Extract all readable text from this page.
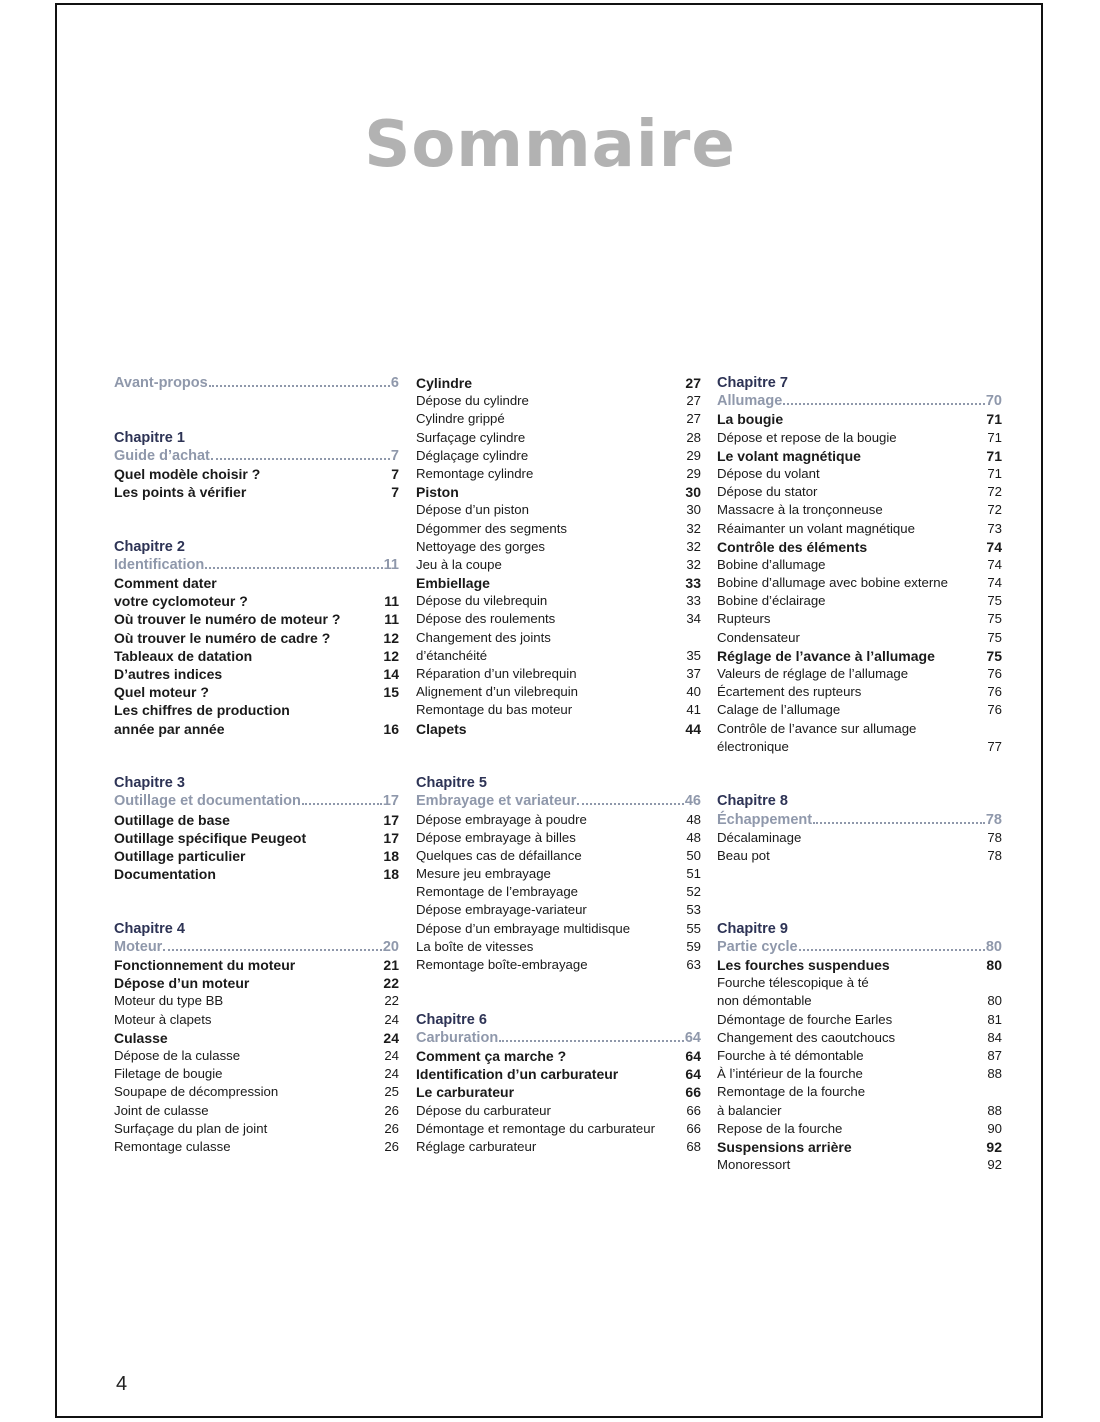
Sommaire
Avant-propos	6
Chapitre 1
Guide d’achat	7
Quel modèle choisir ?	7
Les points à vérifier	7
Chapitre 2
Identification	11
Comment dater
votre cyclomoteur ?	11
Où trouver le numéro de moteur ?	11
Où trouver le numéro de cadre ?	12
Tableaux de datation	12
D’autres indices	14
Quel moteur ?	15
Les chiffres de production
année par année	16
Chapitre 3
Outillage et documentation	17
Outillage de base	17
Outillage spécifique Peugeot	17
Outillage particulier	18
Documentation	18
Chapitre 4
Moteur	20
Fonctionnement du moteur	21
Dépose d’un moteur	22
Moteur du type BB	22
Moteur à clapets	24
Culasse	24
Dépose de la culasse	24
Filetage de bougie	24
Soupape de décompression	25
Joint de culasse	26
Surfaçage du plan de joint	26
Remontage culasse	26
Cylindre	27
Dépose du cylindre	27
Cylindre grippé	27
Surfaçage cylindre	28
Déglaçage cylindre	29
Remontage cylindre	29
Piston	30
Dépose d’un piston	30
Dégommer des segments	32
Nettoyage des gorges	32
Jeu à la coupe	32
Embiellage	33
Dépose du vilebrequin	33
Dépose des roulements	34
Changement des joints
d’étanchéité	35
Réparation d’un vilebrequin	37
Alignement d’un vilebrequin	40
Remontage du bas moteur	41
Clapets	44
Chapitre 5
Embrayage et variateur	46
Dépose embrayage à poudre	48
Dépose embrayage à billes	48
Quelques cas de défaillance	50
Mesure jeu embrayage	51
Remontage de l’embrayage	52
Dépose embrayage-variateur	53
Dépose d’un embrayage multidisque	55
La boîte de vitesses	59
Remontage boîte-embrayage	63
Chapitre 6
Carburation	64
Comment ça marche ?	64
Identification d’un carburateur	64
Le carburateur	66
Dépose du carburateur	66
Démontage et remontage du carburateur	66
Réglage carburateur	68
Chapitre 7
Allumage	70
La bougie	71
Dépose et repose de la bougie	71
Le volant magnétique	71
Dépose du volant	71
Dépose du stator	72
Massacre à la tronçonneuse	72
Réaimanter un volant magnétique	73
Contrôle des éléments	74
Bobine d’allumage	74
Bobine d’allumage avec bobine externe	74
Bobine d’éclairage	75
Rupteurs	75
Condensateur	75
Réglage de l’avance à l’allumage	75
Valeurs de réglage de l’allumage	76
Écartement des rupteurs	76
Calage de l’allumage	76
Contrôle de l’avance sur allumage
électronique	77
Chapitre 8
Échappement	78
Décalaminage	78
Beau pot	78
Chapitre 9
Partie cycle	80
Les fourches suspendues	80
Fourche télescopique à té
non démontable	80
Démontage de fourche Earles	81
Changement des caoutchoucs	84
Fourche à té démontable	87
À l’intérieur de la fourche	88
Remontage de la fourche
à balancier	88
Repose de la fourche	90
Suspensions arrière	92
Monoressort	92
4
